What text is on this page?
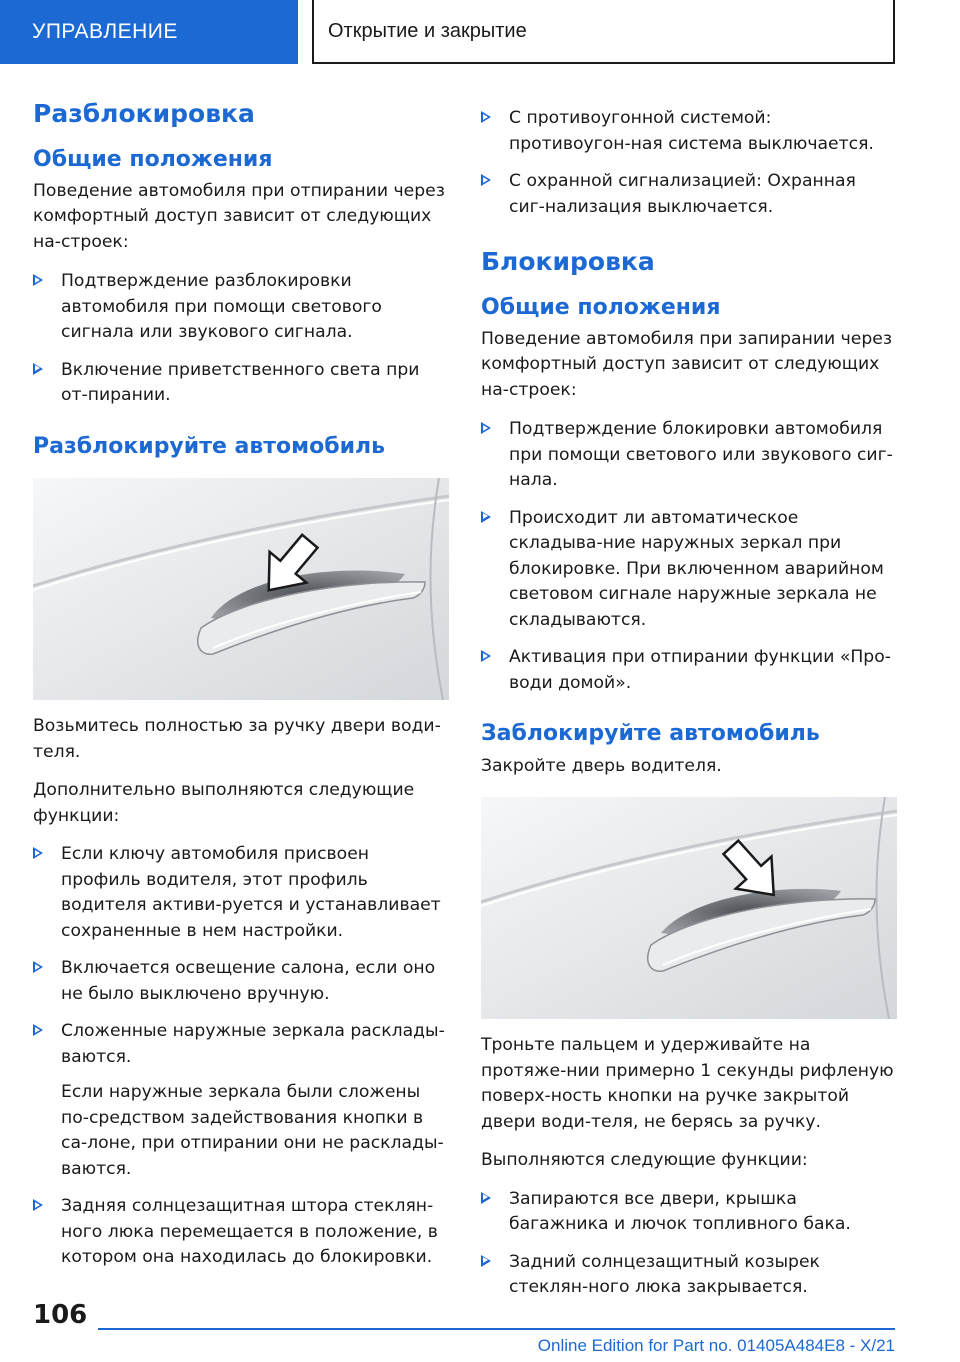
УПРАВЛЕНИЕ	Открытие и закрытие
Разблокировка
Общие положения

Поведение автомобиля при отпирании через комфортный доступ зависит от следующих на-строек:

Подтверждение разблокировки автомобиля при помощи светового сигнала или звукового сигнала.
Включение приветственного света при от-пирании.
Разблокируйте автомобиль

Возьмитесь полностью за ручку двери води-теля.

Дополнительно выполняются следующие функции:

Если ключу автомобиля присвоен профиль водителя, этот профиль водителя активи-руется и устанавливает сохраненные в нем настройки.
Включается освещение салона, если оно не было выключено вручную.
Сложенные наружные зеркала расклады-ваются.
Если наружные зеркала были сложены по-средством задействования кнопки в са-лоне, при отпирании они не расклады-ваются.
Задняя солнцезащитная штора стеклян-ного люка перемещается в положение, в котором она находилась до блокировки.
С противоугонной системой: противоугон-ная система выключается.
С охранной сигнализацией: Охранная сиг-нализация выключается.
Блокировка
Общие положения

Поведение автомобиля при запирании через комфортный доступ зависит от следующих на-строек:

Подтверждение блокировки автомобиля при помощи светового или звукового сиг-нала.
Происходит ли автоматическое складыва-ние наружных зеркал при блокировке. При включенном аварийном световом сигнале наружные зеркала не складываются.
Активация при отпирании функции «Про-води домой».
Заблокируйте автомобиль

Закройте дверь водителя.

Троньте пальцем и удерживайте на протяже-нии примерно 1 секунды рифленую поверх-ность кнопки на ручке закрытой двери води-теля, не берясь за ручку.

Выполняются следующие функции:

Запираются все двери, крышка багажника и лючок топливного бака.
Задний солнцезащитный козырек стеклян-ного люка закрывается.
106
Online Edition for Part no. 01405A484E8 - X/21
